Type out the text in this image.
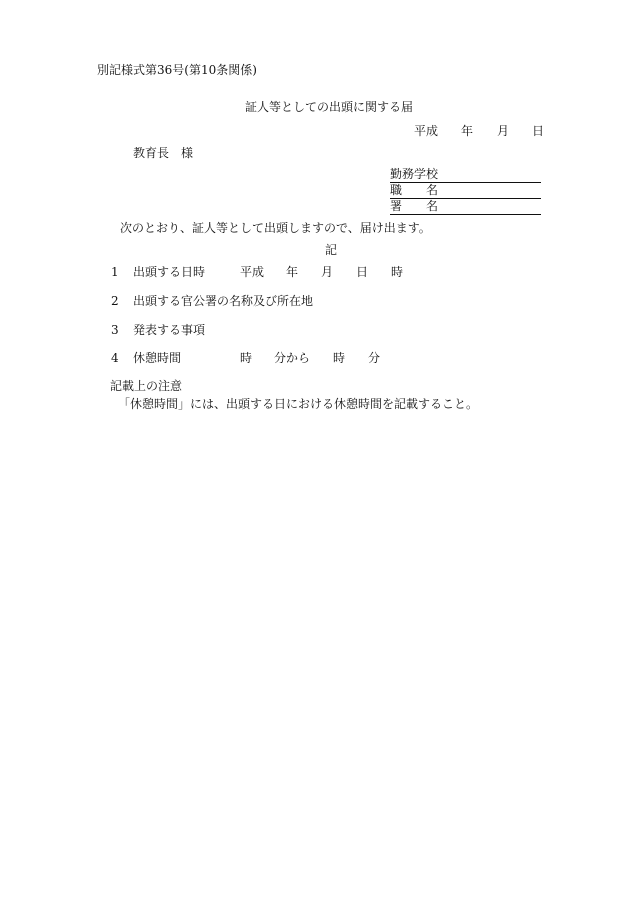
別記様式第36号(第10条関係)
証人等としての出頭に関する届
平成 年 月 日
教育長　様
勤務学校
職　　名
署　　名
次のとおり、証人等として出頭しますので、届け出ます。
記
1 出頭する日時	平成 年 月 日 時
2 出頭する官公署の名称及び所在地
3 発表する事項
4 休憩時間	時 分から 時 分
記載上の注意
「休憩時間」には、出頭する日における休憩時間を記載すること。
